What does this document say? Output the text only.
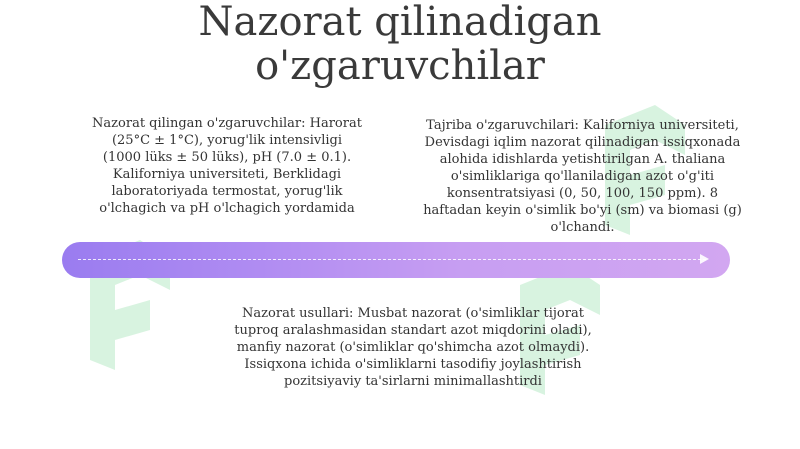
Nazorat qilinadigan
o'zgaruvchilar
Nazorat qilingan o'zgaruvchilar: Harorat (25°C ± 1°C), yorug'lik intensivligi (1000 lüks ± 50 lüks), pH (7.0 ± 0.1). Kaliforniya universiteti, Berklidagi laboratoriyada termostat, yorug'lik o'lchagich va pH o'lchagich yordamida
Tajriba o'zgaruvchilari: Kaliforniya universiteti, Devisdagi iqlim nazorat qilinadigan issiqxonada alohida idishlarda yetishtirilgan A. thaliana o'simliklariga qo'llaniladigan azot o'g'iti konsentratsiyasi (0, 50, 100, 150 ppm). 8 haftadan keyin o'simlik bo'yi (sm) va biomasi (g) o'lchandi.
Nazorat usullari: Musbat nazorat (o'simliklar tijorat tuproq aralashmasidan standart azot miqdorini oladi), manfiy nazorat (o'simliklar qo'shimcha azot olmaydi). Issiqxona ichida o'simliklarni tasodifiy joylashtirish pozitsiyaviy ta'sirlarni minimallashtirdi
